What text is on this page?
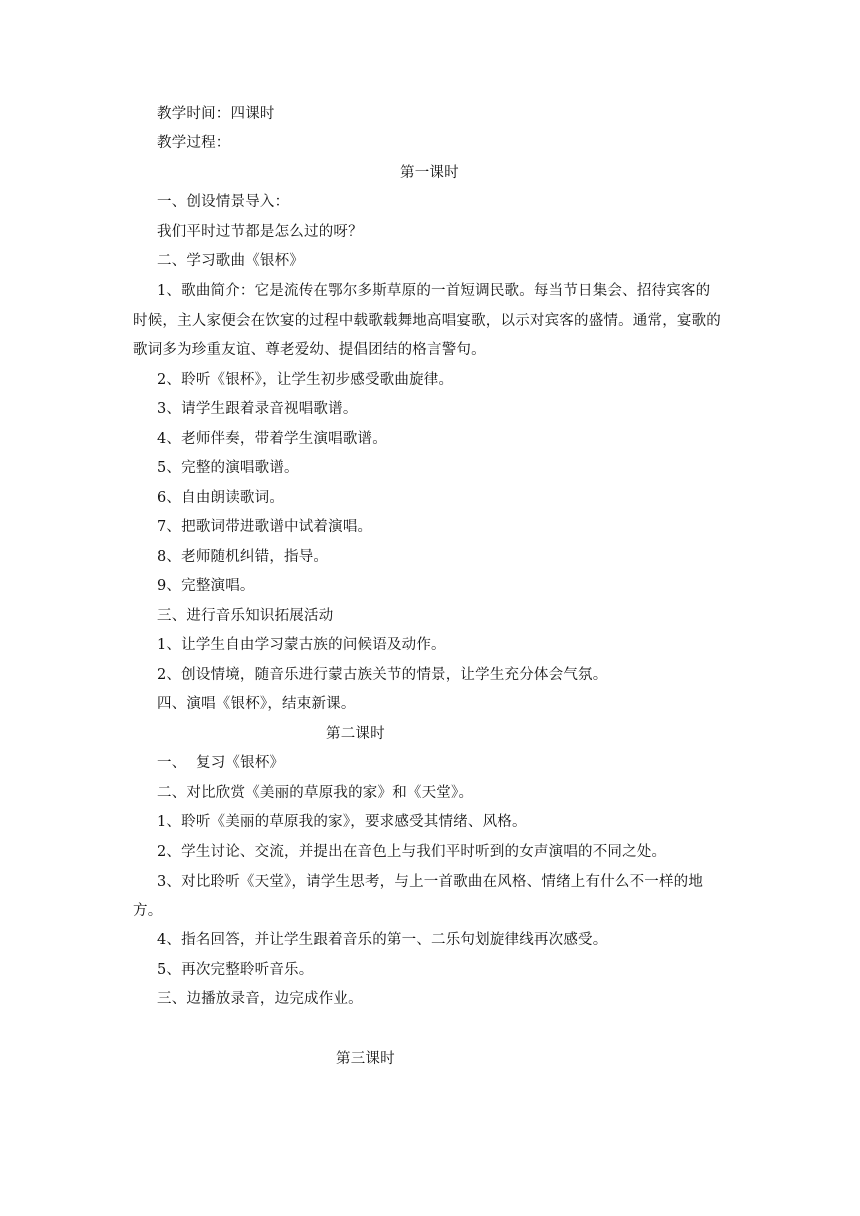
教学时间：四课时
教学过程：
第一课时
一、创设情景导入：
我们平时过节都是怎么过的呀？
二、学习歌曲《银杯》
1、歌曲简介：它是流传在鄂尔多斯草原的一首短调民歌。每当节日集会、招待宾客的
时候，主人家便会在饮宴的过程中载歌载舞地高唱宴歌，以示对宾客的盛情。通常，宴歌的
歌词多为珍重友谊、尊老爱幼、提倡团结的格言警句。
2、聆听《银杯》，让学生初步感受歌曲旋律。
3、请学生跟着录音视唱歌谱。
4、老师伴奏，带着学生演唱歌谱。
5、完整的演唱歌谱。
6、自由朗读歌词。
7、把歌词带进歌谱中试着演唱。
8、老师随机纠错，指导。
9、完整演唱。
三、进行音乐知识拓展活动
1、让学生自由学习蒙古族的问候语及动作。
2、创设情境，随音乐进行蒙古族关节的情景，让学生充分体会气氛。
四、演唱《银杯》，结束新课。
第二课时
一、  复习《银杯》
二、对比欣赏《美丽的草原我的家》和《天堂》。
1、聆听《美丽的草原我的家》，要求感受其情绪、风格。
2、学生讨论、交流，并提出在音色上与我们平时听到的女声演唱的不同之处。
3、对比聆听《天堂》，请学生思考，与上一首歌曲在风格、情绪上有什么不一样的地
方。
4、指名回答，并让学生跟着音乐的第一、二乐句划旋律线再次感受。
5、再次完整聆听音乐。
三、边播放录音，边完成作业。
第三课时
